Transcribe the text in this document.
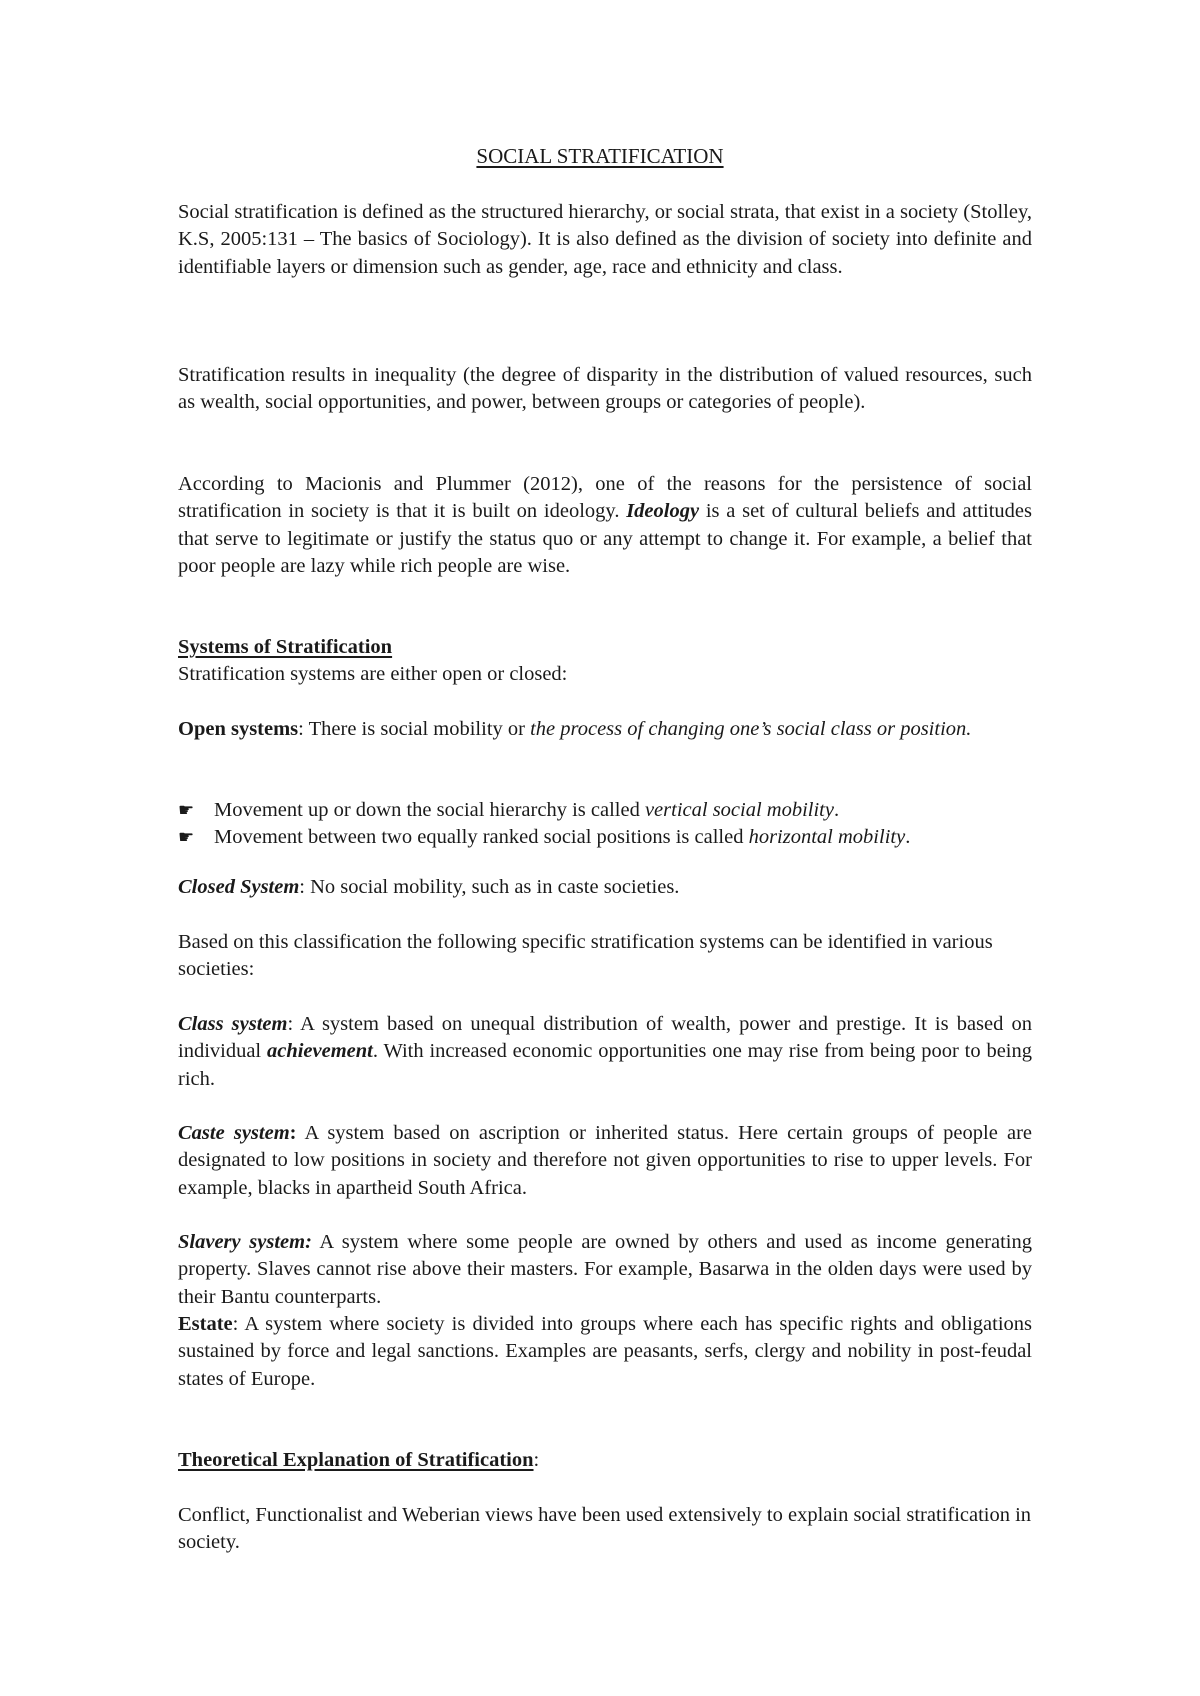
SOCIAL STRATIFICATION

Social stratification is defined as the structured hierarchy, or social strata, that exist in a society (Stolley, K.S, 2005:131 – The basics of Sociology). It is also defined as the division of society into definite and identifiable layers or dimension such as gender, age, race and ethnicity and class.

Stratification results in inequality (the degree of disparity in the distribution of valued resources, such as wealth, social opportunities, and power, between groups or categories of people).

According to Macionis and Plummer (2012), one of the reasons for the persistence of social stratification in society is that it is built on ideology. Ideology is a set of cultural beliefs and attitudes that serve to legitimate or justify the status quo or any attempt to change it. For example, a belief that poor people are lazy while rich people are wise.

Systems of Stratification
Stratification systems are either open or closed:

Open systems: There is social mobility or the process of changing one’s social class or position.

☛ Movement up or down the social hierarchy is called vertical social mobility.
☛ Movement between two equally ranked social positions is called horizontal mobility.

Closed System: No social mobility, such as in caste societies.

Based on this classification the following specific stratification systems can be identified in various societies:

Class system: A system based on unequal distribution of wealth, power and prestige. It is based on individual achievement. With increased economic opportunities one may rise from being poor to being rich.

Caste system: A system based on ascription or inherited status. Here certain groups of people are designated to low positions in society and therefore not given opportunities to rise to upper levels. For example, blacks in apartheid South Africa.

Slavery system: A system where some people are owned by others and used as income generating property. Slaves cannot rise above their masters. For example, Basarwa in the olden days were used by their Bantu counterparts.

Estate: A system where society is divided into groups where each has specific rights and obligations sustained by force and legal sanctions. Examples are peasants, serfs, clergy and nobility in post-feudal states of Europe.

Theoretical Explanation of Stratification:

Conflict, Functionalist and Weberian views have been used extensively to explain social stratification in society.
